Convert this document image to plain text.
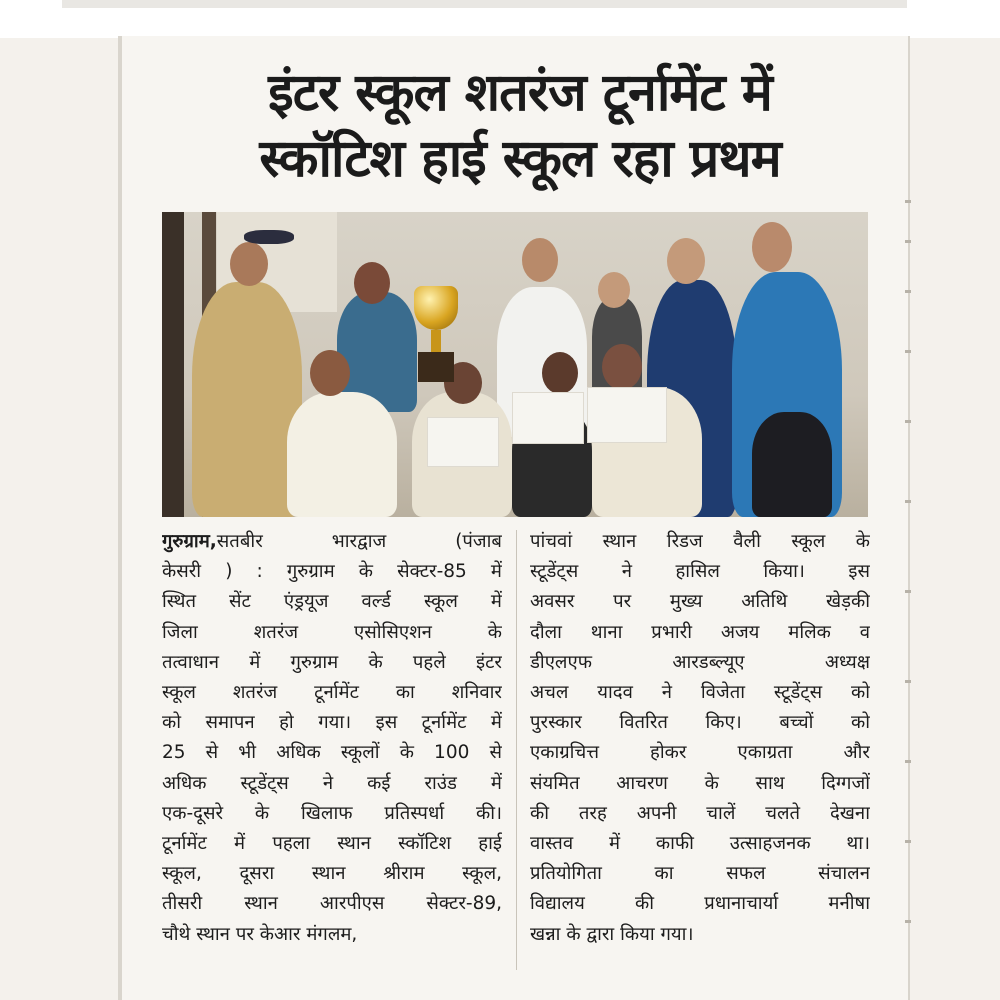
इंटर स्कूल शतरंज टूर्नामेंट में
स्कॉटिश हाई स्कूल रहा प्रथम
गुरुग्राम,सतबीर भारद्वाज (पंजाब
केसरी ) : गुरुग्राम के सेक्टर-85 में
स्थित सेंट एंड्रयूज वर्ल्ड स्कूल में
जिला शतरंज एसोसिएशन के
तत्वाधान में गुरुग्राम के पहले इंटर
स्कूल शतरंज टूर्नामेंट का शनिवार
को समापन हो गया। इस टूर्नामेंट में
25 से भी अधिक स्कूलों के 100 से
अधिक स्टूडेंट्स ने कई राउंड में
एक-दूसरे के खिलाफ प्रतिस्पर्धा की।
टूर्नामेंट में पहला स्थान स्कॉटिश हाई
स्कूल, दूसरा स्थान श्रीराम स्कूल,
तीसरी स्थान आरपीएस सेक्टर-89,
चौथे स्थान पर केआर मंगलम,
पांचवां स्थान रिडज वैली स्कूल के
स्टूडेंट्स ने हासिल किया। इस
अवसर पर मुख्य अतिथि खेड़की
दौला थाना प्रभारी अजय मलिक व
डीएलएफ आरडब्ल्यूए अध्यक्ष
अचल यादव ने विजेता स्टूडेंट्स को
पुरस्कार वितरित किए। बच्चों को
एकाग्रचित्त होकर एकाग्रता और
संयमित आचरण के साथ दिग्गजों
की तरह अपनी चालें चलते देखना
वास्तव में काफी उत्साहजनक था।
प्रतियोगिता का सफल संचालन
विद्यालय की प्रधानाचार्या मनीषा
खन्ना के द्वारा किया गया।
